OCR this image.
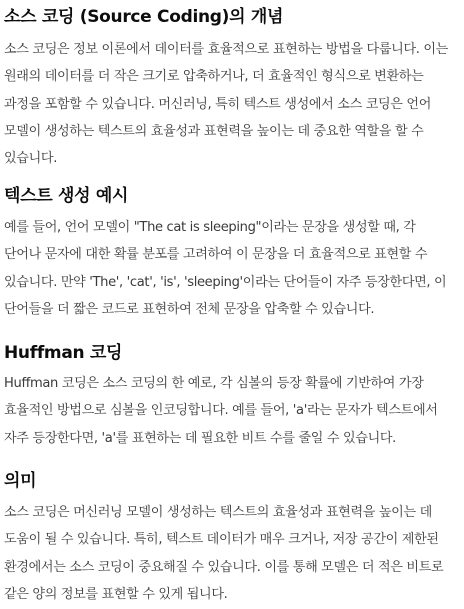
소스 코딩 (Source Coding)의 개념

소스 코딩은 정보 이론에서 데이터를 효율적으로 표현하는 방법을 다룹니다. 이는 원래의 데이터를 더 작은 크기로 압축하거나, 더 효율적인 형식으로 변환하는 과정을 포함할 수 있습니다. 머신러닝, 특히 텍스트 생성에서 소스 코딩은 언어 모델이 생성하는 텍스트의 효율성과 표현력을 높이는 데 중요한 역할을 할 수 있습니다.

텍스트 생성 예시

예를 들어, 언어 모델이 "The cat is sleeping"이라는 문장을 생성할 때, 각 단어나 문자에 대한 확률 분포를 고려하여 이 문장을 더 효율적으로 표현할 수 있습니다. 만약 'The', 'cat', 'is', 'sleeping'이라는 단어들이 자주 등장한다면, 이 단어들을 더 짧은 코드로 표현하여 전체 문장을 압축할 수 있습니다.

Huffman 코딩

Huffman 코딩은 소스 코딩의 한 예로, 각 심볼의 등장 확률에 기반하여 가장 효율적인 방법으로 심볼을 인코딩합니다. 예를 들어, 'a'라는 문자가 텍스트에서 자주 등장한다면, 'a'를 표현하는 데 필요한 비트 수를 줄일 수 있습니다.

의미

소스 코딩은 머신러닝 모델이 생성하는 텍스트의 효율성과 표현력을 높이는 데 도움이 될 수 있습니다. 특히, 텍스트 데이터가 매우 크거나, 저장 공간이 제한된 환경에서는 소스 코딩이 중요해질 수 있습니다. 이를 통해 모델은 더 적은 비트로 같은 양의 정보를 표현할 수 있게 됩니다.
